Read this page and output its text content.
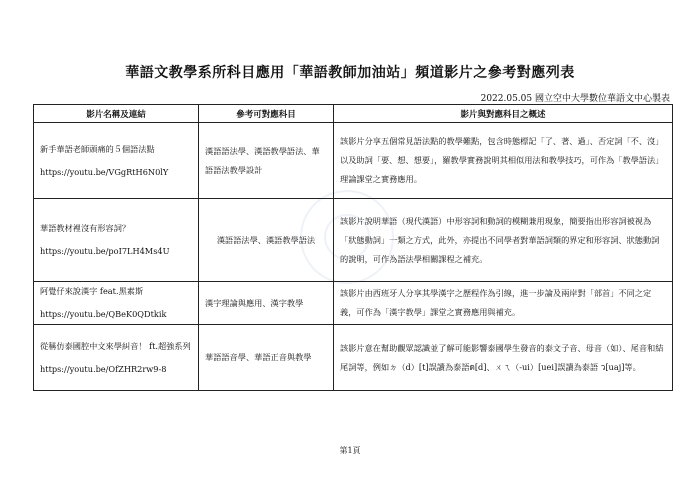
華語文教學系所科目應用「華語教師加油站」頻道影片之參考對應列表
2022.05.05 國立空中大學數位華語文中心製表
影片名稱及連結	參考可對應科目	影片與對應科目之概述
新手華語老師頭痛的５個語法點
https://youtu.be/VGgRtH6N0lY	漢語語法學、漢語教學語法、華語語法教學設計	該影片分享五個常見語法點的教學難點，包含時態標記「了、著、過」、否定詞「不、沒」以及助詞「要、想、想要」，羅教學實務說明其相似用法和教學技巧，可作為「教學語法」理論課堂之實務應用。
華語教材裡沒有形容詞？
https://youtu.be/poI7LH4Ms4U	漢語語法學、漢語教學語法	該影片說明華語（現代漢語）中形容詞和動詞的模糊兼用現象，簡要指出形容詞被視為「狀態動詞」一類之方式，此外，亦提出不同學者對華語詞類的界定和形容詞、狀態動詞的說明，可作為語法學相關課程之補充。
阿覺仔來說漢字 feat.黑素斯
https://youtu.be/QBeK0QDtkik	漢字理論與應用、漢字教學	該影片由西班牙人分享其學漢字之歷程作為引線，進一步論及兩岸對「部首」不同之定義，可作為「漢字教學」課堂之實務應用與補充。
從稱仿泰國腔中文來學糾音！ ft.超強系列
https://youtu.be/OfZHR2rw9-8	華語語音學、華語正音與教學	該影片意在幫助觀眾認識並了解可能影響泰國學生發音的泰文子音、母音（如）、尾音和結尾詞等，例如ㄉ（d）[t]誤讀為泰語ด[d]、ㄨㄟ（-ui）[uei]誤讀為泰語 ว[uaj]等。
第1頁
